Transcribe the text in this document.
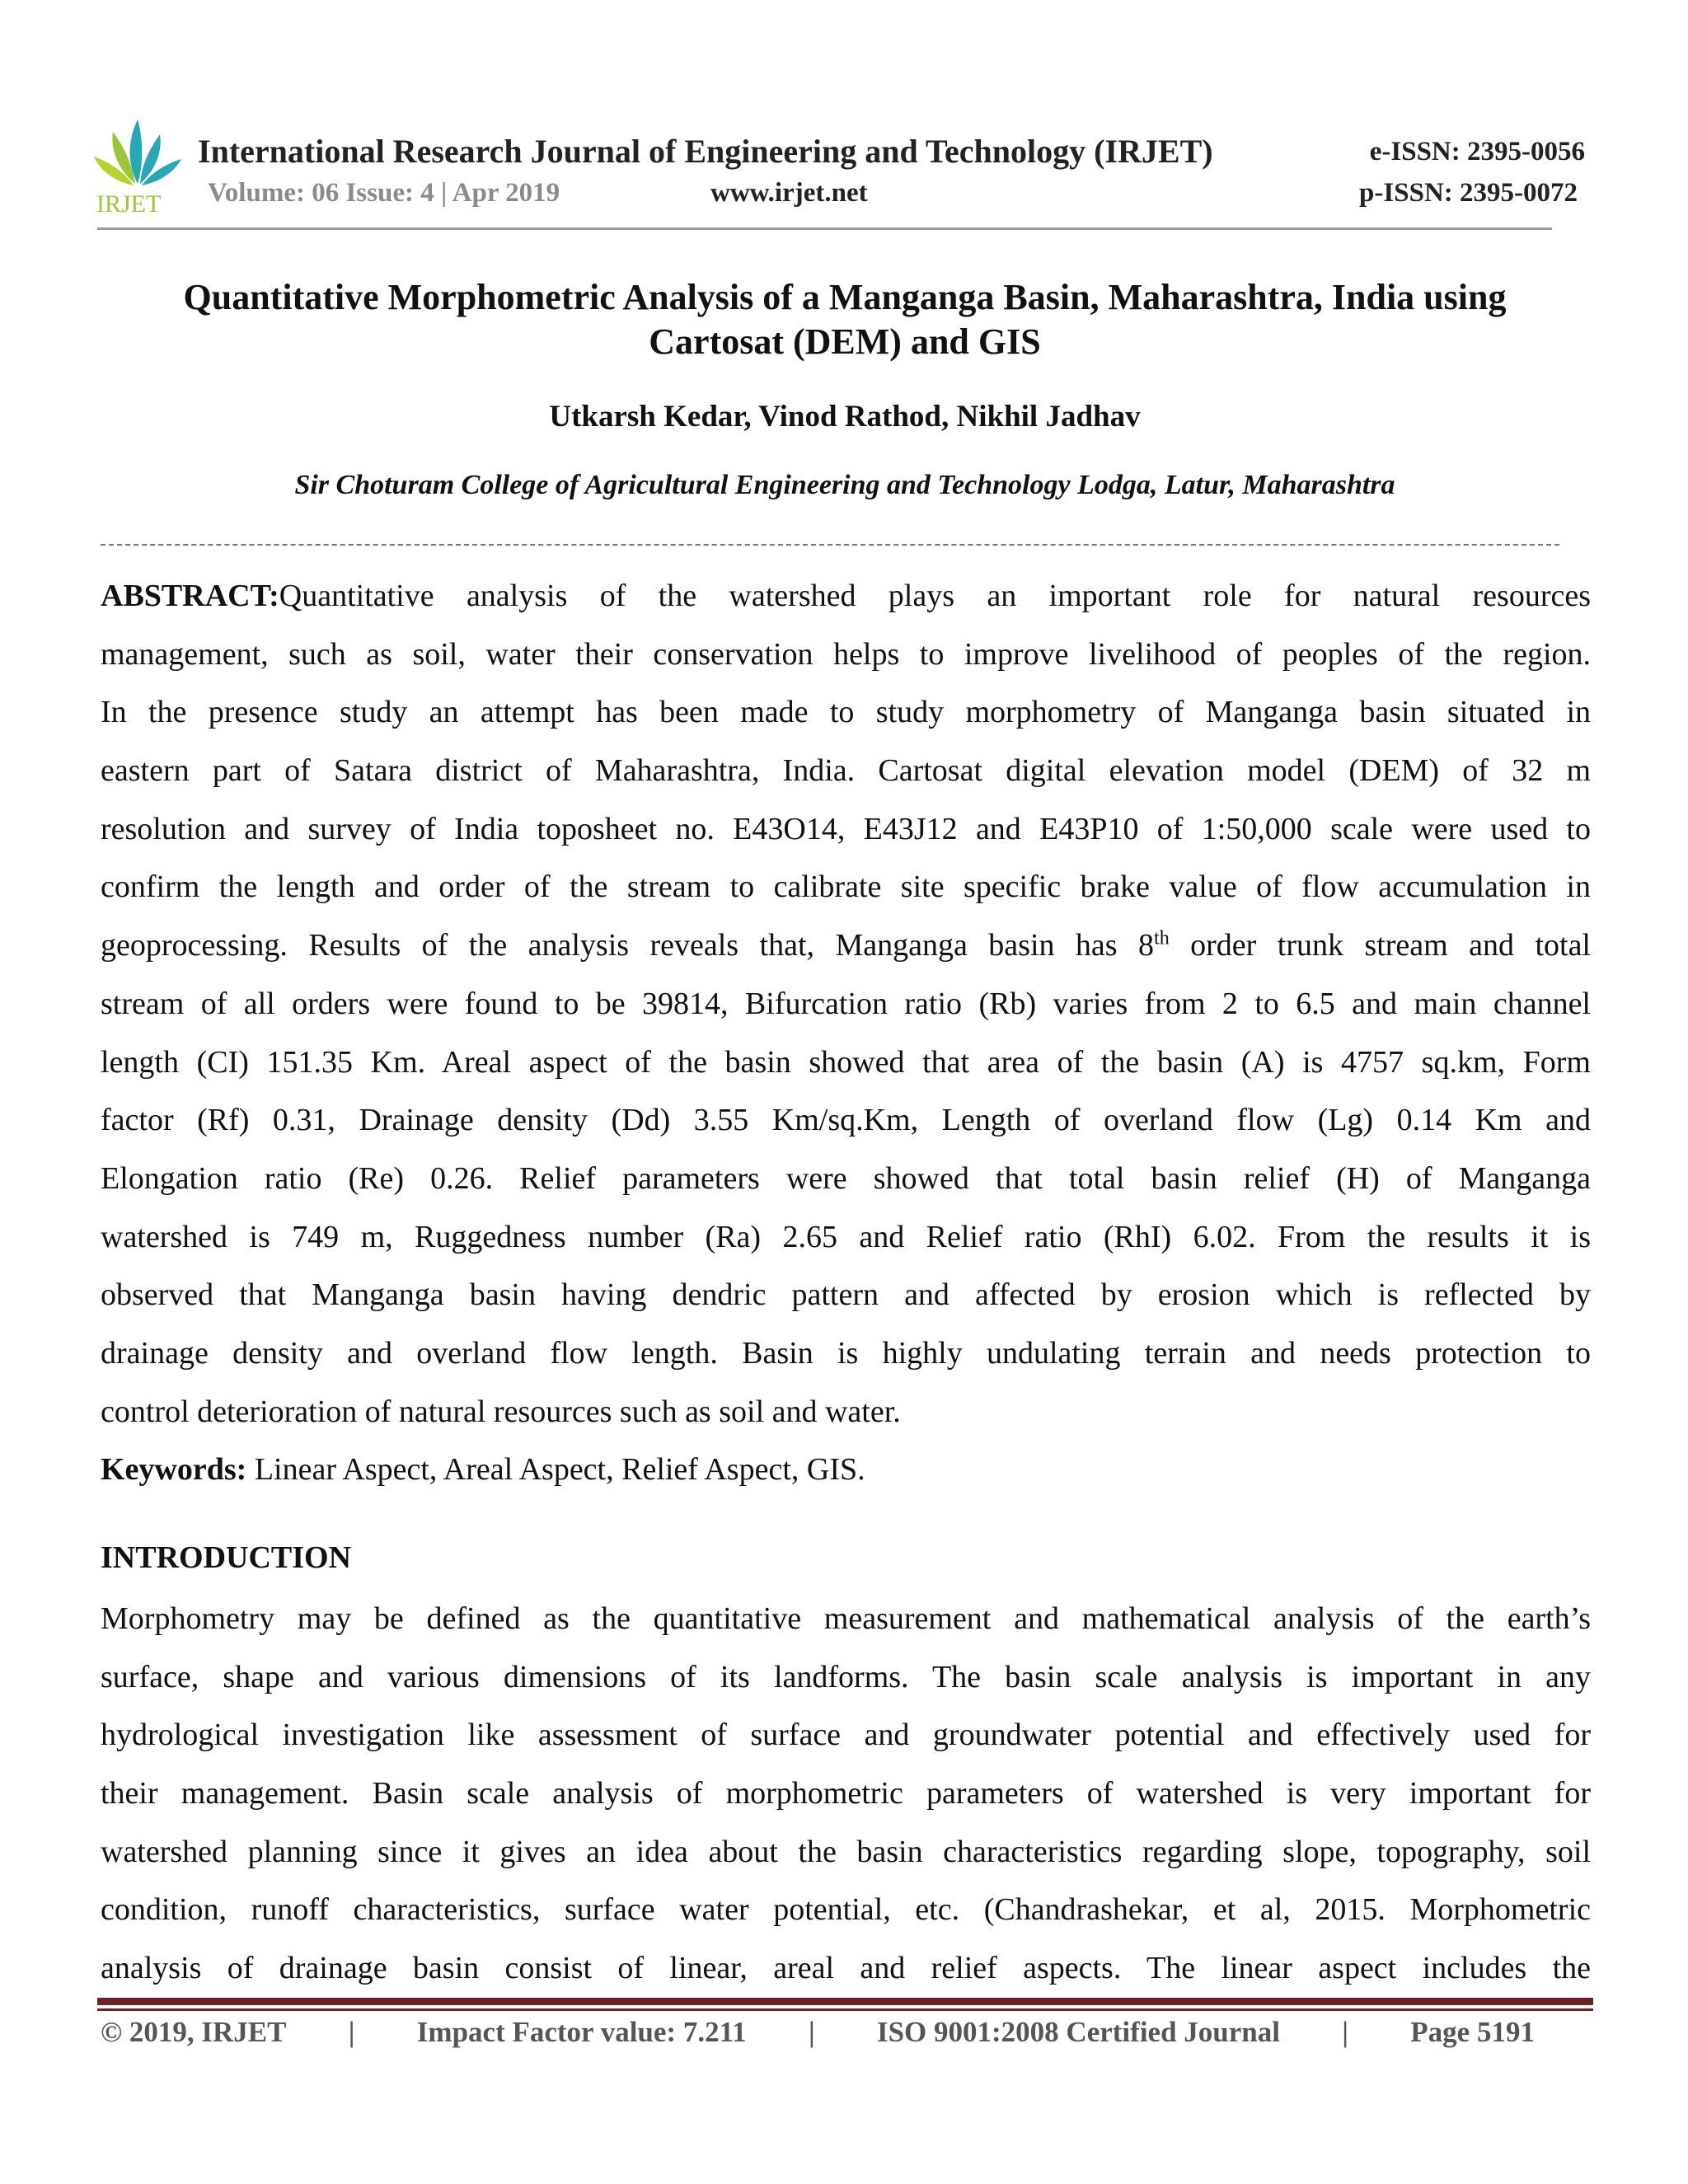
IRJET
International Research Journal of Engineering and Technology (IRJET)
Volume: 06 Issue: 4 | Apr 2019	www.irjet.net
e-ISSN: 2395-0056
p-ISSN: 2395-0072
Quantitative Morphometric Analysis of a Manganga Basin, Maharashtra, India using
Cartosat (DEM) and GIS
Utkarsh Kedar, Vinod Rathod, Nikhil Jadhav
Sir Choturam College of Agricultural Engineering and Technology Lodga, Latur, Maharashtra
ABSTRACT:Quantitative analysis of the watershed plays an important role for natural resources
management, such as soil, water their conservation helps to improve livelihood of peoples of the region.
In the presence study an attempt has been made to study morphometry of Manganga basin situated in
eastern part of Satara district of Maharashtra, India. Cartosat digital elevation model (DEM) of 32 m
resolution and survey of India toposheet no. E43O14, E43J12 and E43P10 of 1:50,000 scale were used to
confirm the length and order of the stream to calibrate site specific brake value of flow accumulation in
geoprocessing. Results of the analysis reveals that, Manganga basin has 8th order trunk stream and total
stream of all orders were found to be 39814, Bifurcation ratio (Rb) varies from 2 to 6.5 and main channel
length (CI) 151.35 Km. Areal aspect of the basin showed that area of the basin (A) is 4757 sq.km, Form
factor (Rf) 0.31, Drainage density (Dd) 3.55 Km/sq.Km, Length of overland flow (Lg) 0.14 Km and
Elongation ratio (Re) 0.26. Relief parameters were showed that total basin relief (H) of Manganga
watershed is 749 m, Ruggedness number (Ra) 2.65 and Relief ratio (RhI) 6.02. From the results it is
observed that Manganga basin having dendric pattern and affected by erosion which is reflected by
drainage density and overland flow length. Basin is highly undulating terrain and needs protection to
control deterioration of natural resources such as soil and water.
Keywords: Linear Aspect, Areal Aspect, Relief Aspect, GIS.
INTRODUCTION
Morphometry may be defined as the quantitative measurement and mathematical analysis of the earth’s
surface, shape and various dimensions of its landforms. The basin scale analysis is important in any
hydrological investigation like assessment of surface and groundwater potential and effectively used for
their management. Basin scale analysis of morphometric parameters of watershed is very important for
watershed planning since it gives an idea about the basin characteristics regarding slope, topography, soil
condition, runoff characteristics, surface water potential, etc. (Chandrashekar, et al, 2015. Morphometric
analysis of drainage basin consist of linear, areal and relief aspects. The linear aspect includes the
© 2019, IRJET | Impact Factor value: 7.211 | ISO 9001:2008 Certified Journal | Page 5191
